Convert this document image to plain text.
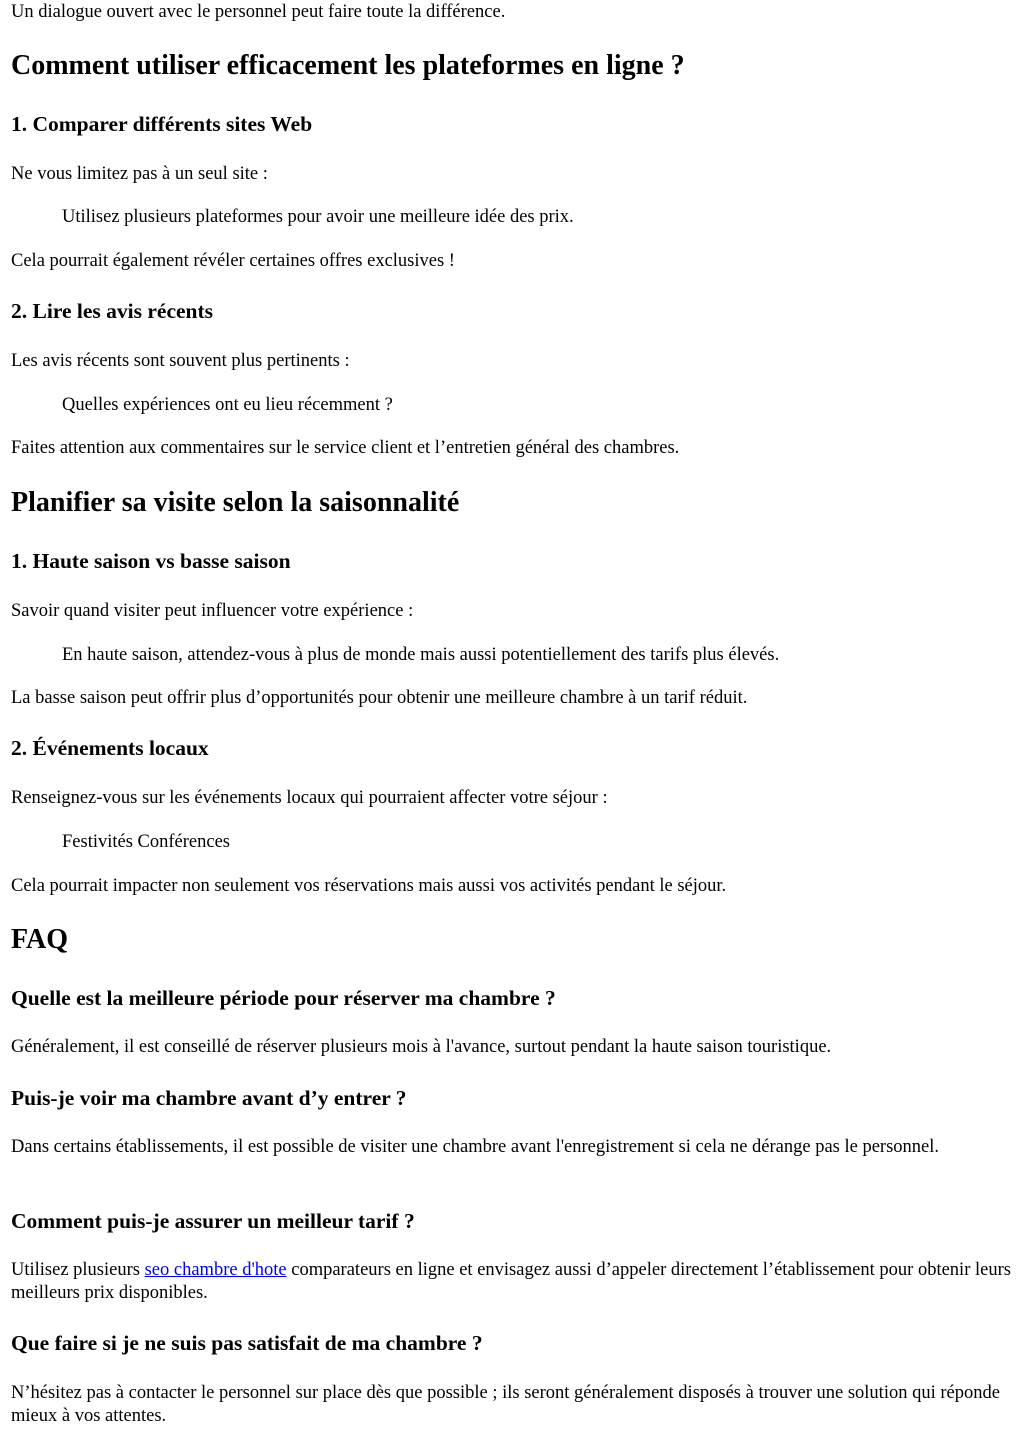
Un dialogue ouvert avec le personnel peut faire toute la différence.

Comment utiliser efficacement les plateformes en ligne ?
1. Comparer différents sites Web

Ne vous limitez pas à un seul site :

Utilisez plusieurs plateformes pour avoir une meilleure idée des prix.

Cela pourrait également révéler certaines offres exclusives !

2. Lire les avis récents

Les avis récents sont souvent plus pertinents :

Quelles expériences ont eu lieu récemment ?

Faites attention aux commentaires sur le service client et l’entretien général des chambres.

Planifier sa visite selon la saisonnalité
1. Haute saison vs basse saison

Savoir quand visiter peut influencer votre expérience :

En haute saison, attendez-vous à plus de monde mais aussi potentiellement des tarifs plus élevés.

La basse saison peut offrir plus d’opportunités pour obtenir une meilleure chambre à un tarif réduit.

2. Événements locaux

Renseignez-vous sur les événements locaux qui pourraient affecter votre séjour :

Festivités Conférences

Cela pourrait impacter non seulement vos réservations mais aussi vos activités pendant le séjour.

FAQ
Quelle est la meilleure période pour réserver ma chambre ?

Généralement, il est conseillé de réserver plusieurs mois à l'avance, surtout pendant la haute saison touristique.

Puis-je voir ma chambre avant d’y entrer ?

Dans certains établissements, il est possible de visiter une chambre avant l'enregistrement si cela ne dérange pas le personnel.

Comment puis-je assurer un meilleur tarif ?

Utilisez plusieurs seo chambre d'hote comparateurs en ligne et envisagez aussi d’appeler directement l’établissement pour obtenir leurs meilleurs prix disponibles.

Que faire si je ne suis pas satisfait de ma chambre ?

N’hésitez pas à contacter le personnel sur place dès que possible ; ils seront généralement disposés à trouver une solution qui réponde mieux à vos attentes.
